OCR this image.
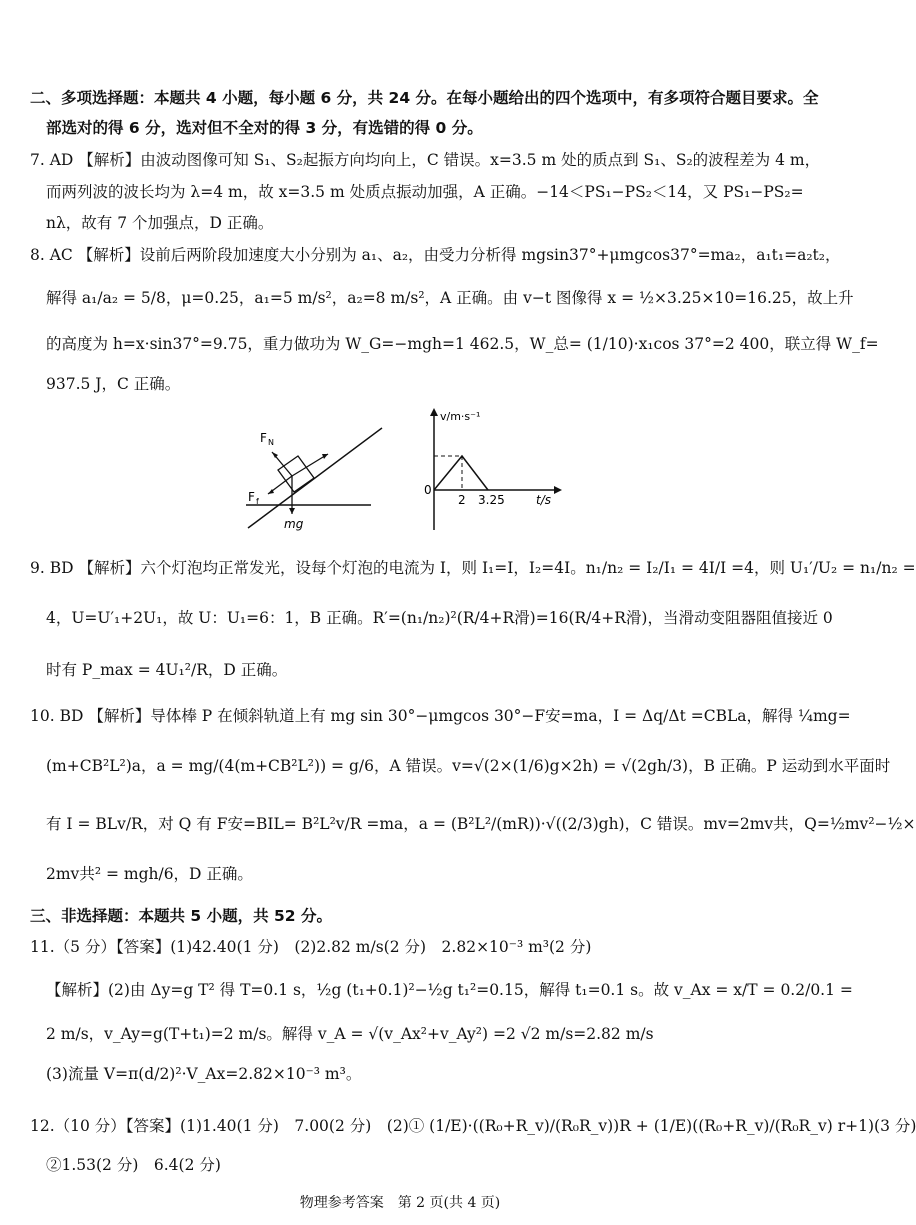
二、多项选择题：本题共 4 小题，每小题 6 分，共 24 分。在每小题给出的四个选项中，有多项符合题目要求。全
部选对的得 6 分，选对但不全对的得 3 分，有选错的得 0 分。
7. AD 【解析】由波动图像可知 S₁、S₂起振方向均向上，C 错误。x=3.5 m 处的质点到 S₁、S₂的波程差为 4 m，
而两列波的波长均为 λ=4 m，故 x=3.5 m 处质点振动加强，A 正确。−14＜PS₁−PS₂＜14，又 PS₁−PS₂=
nλ，故有 7 个加强点，D 正确。
8. AC 【解析】设前后两阶段加速度大小分别为 a₁、a₂，由受力分析得 mgsin37°+μmgcos37°=ma₂，a₁t₁=a₂t₂，
解得 a₁/a₂ = 5/8，μ=0.25，a₁=5 m/s²，a₂=8 m/s²，A 正确。由 v−t 图像得 x = ½×3.25×10=16.25，故上升
的高度为 h=x·sin37°=9.75，重力做功为 W_G=−mgh=1 462.5，W_总= (1/10)·x₁cos 37°=2 400，联立得 W_f=
937.5 J，C 正确。
F N
F f
mg
v/m·s⁻¹
0
2 3.25	t/s
9. BD 【解析】六个灯泡均正常发光，设每个灯泡的电流为 I，则 I₁=I，I₂=4I。n₁/n₂ = I₂/I₁ = 4I/I =4，则 U₁′/U₂ = n₁/n₂ =
4，U=U′₁+2U₁，故 U：U₁=6：1，B 正确。R′=(n₁/n₂)²(R/4+R滑)=16(R/4+R滑)，当滑动变阻器阻值接近 0
时有 P_max = 4U₁²/R，D 正确。
10. BD 【解析】导体棒 P 在倾斜轨道上有 mg sin 30°−μmgcos 30°−F安=ma，I = Δq/Δt =CBLa，解得 ¼mg=
(m+CB²L²)a，a = mg/(4(m+CB²L²)) = g/6，A 错误。v=√(2×(1/6)g×2h) = √(2gh/3)，B 正确。P 运动到水平面时
有 I = BLv/R，对 Q 有 F安=BIL= B²L²v/R =ma，a = (B²L²/(mR))·√((2/3)gh)，C 错误。mv=2mv共，Q=½mv²−½×
2mv共² = mgh/6，D 正确。
三、非选择题：本题共 5 小题，共 52 分。
11.（5 分）【答案】(1)42.40(1 分)　(2)2.82 m/s(2 分)　2.82×10⁻³ m³(2 分)
【解析】(2)由 Δy=g T² 得 T=0.1 s，½g (t₁+0.1)²−½g t₁²=0.15，解得 t₁=0.1 s。故 v_Ax = x/T = 0.2/0.1 =
2 m/s，v_Ay=g(T+t₁)=2 m/s。解得 v_A = √(v_Ax²+v_Ay²) =2 √2 m/s=2.82 m/s
(3)流量 V=π(d/2)²·V_Ax=2.82×10⁻³ m³。
12.（10 分）【答案】(1)1.40(1 分)　7.00(2 分)　(2)① (1/E)·((R₀+R_v)/(R₀R_v))R + (1/E)((R₀+R_v)/(R₀R_v) r+1)(3 分)
②1.53(2 分)　6.4(2 分)
物理参考答案　第 2 页(共 4 页)
